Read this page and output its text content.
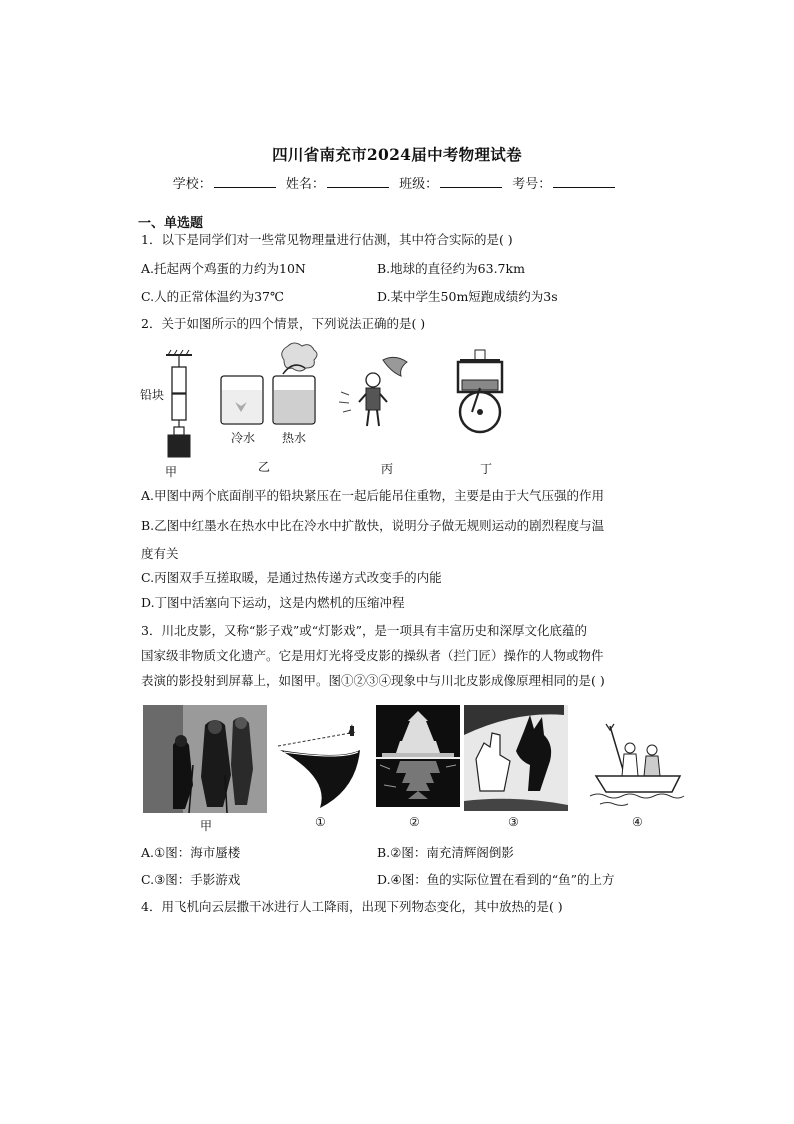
四川省南充市2024届中考物理试卷
学校：	姓名：	班级：	考号：
一、单选题
1．以下是同学们对一些常见物理量进行估测，其中符合实际的是( )
A.托起两个鸡蛋的力约为10N	B.地球的直径约为63.7km
C.人的正常体温约为37℃	D.某中学生50m短跑成绩约为3s
2．关于如图所示的四个情景，下列说法正确的是( )
铅块
甲
冷水 热水
乙	丙	丁
A.甲图中两个底面削平的铅块紧压在一起后能吊住重物，主要是由于大气压强的作用
B.乙图中红墨水在热水中比在冷水中扩散快，说明分子做无规则运动的剧烈程度与温
度有关
C.丙图双手互搓取暖，是通过热传递方式改变手的内能
D.丁图中活塞向下运动，这是内燃机的压缩冲程
3．川北皮影，又称“影子戏”或“灯影戏”，是一项具有丰富历史和深厚文化底蕴的
国家级非物质文化遗产。它是用灯光将受皮影的操纵者（拦门匠）操作的人物或物件
表演的影投射到屏幕上，如图甲。图①②③④现象中与川北皮影成像原理相同的是( )
甲	①	②	③	④
A.①图：海市蜃楼	B.②图：南充清辉阁倒影
C.③图：手影游戏	D.④图：鱼的实际位置在看到的“鱼”的上方
4．用飞机向云层撒干冰进行人工降雨，出现下列物态变化，其中放热的是( )
